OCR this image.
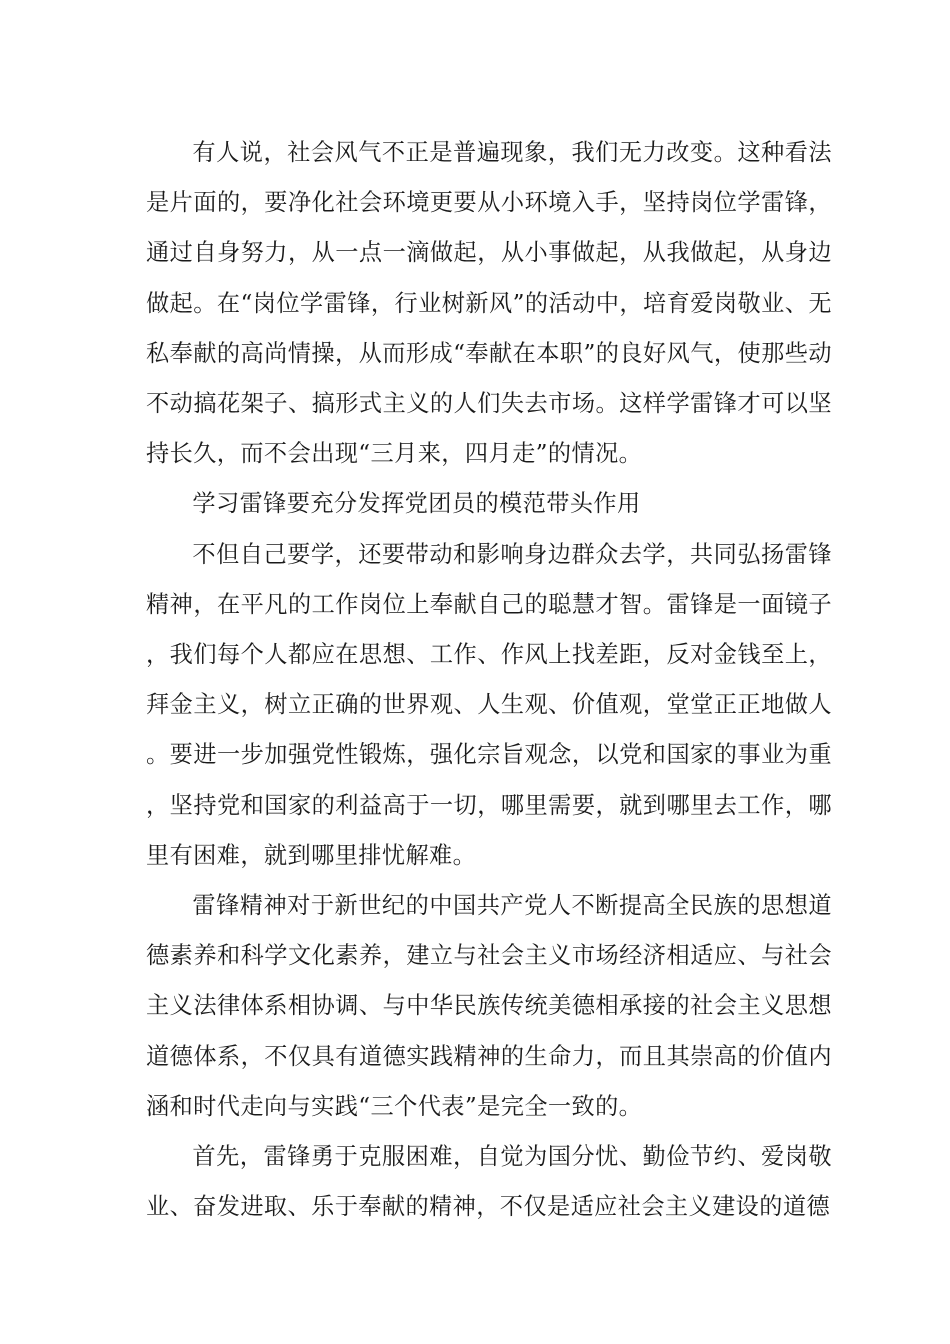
有人说，社会风气不正是普遍现象，我们无力改变。这种看法是片面的，要净化社会环境更要从小环境入手，坚持岗位学雷锋，通过自身努力，从一点一滴做起，从小事做起，从我做起，从身边做起。在“岗位学雷锋，行业树新风”的活动中，培育爱岗敬业、无私奉献的高尚情操，从而形成“奉献在本职”的良好风气，使那些动不动搞花架子、搞形式主义的人们失去市场。这样学雷锋才可以坚持长久，而不会出现“三月来，四月走”的情况。

学习雷锋要充分发挥党团员的模范带头作用

不但自己要学，还要带动和影响身边群众去学，共同弘扬雷锋精神，在平凡的工作岗位上奉献自己的聪慧才智。雷锋是一面镜子，我们每个人都应在思想、工作、作风上找差距，反对金钱至上，拜金主义，树立正确的世界观、人生观、价值观，堂堂正正地做人。要进一步加强党性锻炼，强化宗旨观念，以党和国家的事业为重，坚持党和国家的利益高于一切，哪里需要，就到哪里去工作，哪里有困难，就到哪里排忧解难。

雷锋精神对于新世纪的中国共产党人不断提高全民族的思想道德素养和科学文化素养，建立与社会主义市场经济相适应、与社会主义法律体系相协调、与中华民族传统美德相承接的社会主义思想道德体系，不仅具有道德实践精神的生命力，而且其崇高的价值内涵和时代走向与实践“三个代表”是完全一致的。

首先，雷锋勇于克服困难，自觉为国分忧、勤俭节约、爱岗敬业、奋发进取、乐于奉献的精神，不仅是适应社会主义建设的道德
